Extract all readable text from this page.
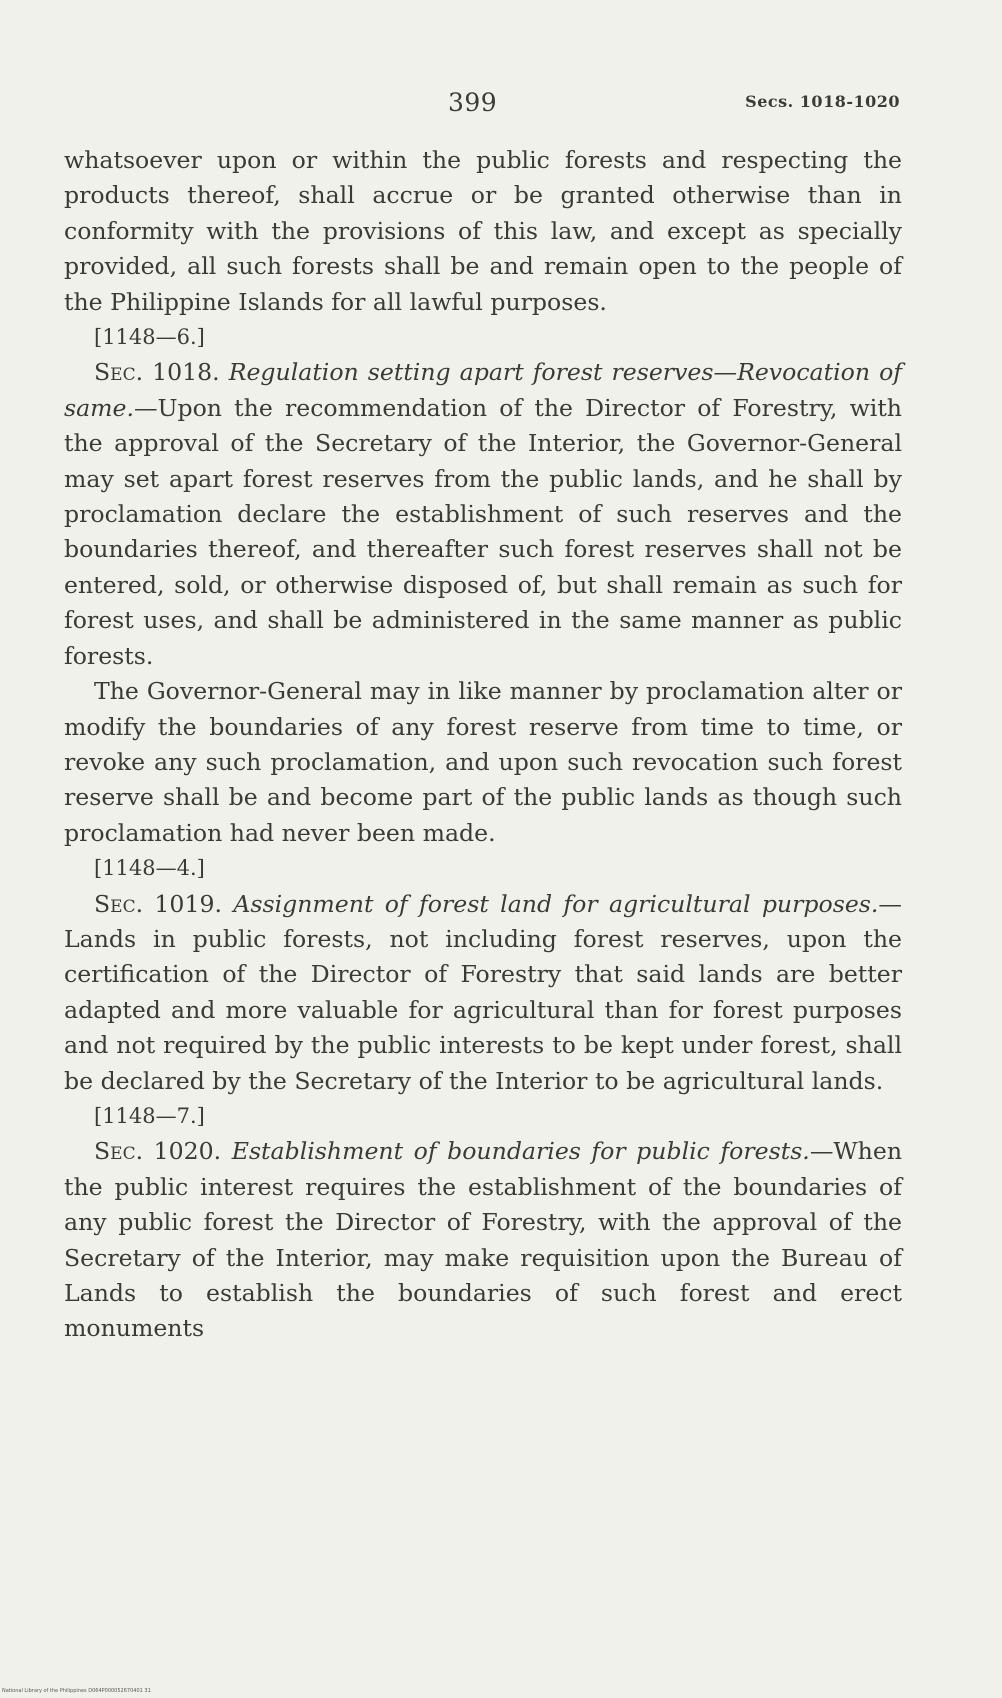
399	Secs. 1018-1020

whatsoever upon or within the public forests and respecting the products thereof, shall accrue or be granted otherwise than in conformity with the provisions of this law, and except as specially provided, all such forests shall be and remain open to the people of the Philippine Islands for all lawful purposes.

[1148—6.]

Sec. 1018. Regulation setting apart forest reserves—Revocation of same.—Upon the recommendation of the Director of Forestry, with the approval of the Secretary of the Interior, the Governor-General may set apart forest reserves from the public lands, and he shall by proclamation declare the establishment of such reserves and the boundaries thereof, and thereafter such forest reserves shall not be entered, sold, or otherwise disposed of, but shall remain as such for forest uses, and shall be administered in the same manner as public forests.

The Governor-General may in like manner by proclamation alter or modify the boundaries of any forest reserve from time to time, or revoke any such proclamation, and upon such revocation such forest reserve shall be and become part of the public lands as though such proclamation had never been made.

[1148—4.]

Sec. 1019. Assignment of forest land for agricultural purposes.—Lands in public forests, not including forest reserves, upon the certification of the Director of Forestry that said lands are better adapted and more valuable for agricultural than for forest purposes and not required by the public interests to be kept under forest, shall be declared by the Secretary of the Interior to be agricultural lands.

[1148—7.]

Sec. 1020. Establishment of boundaries for public forests.—When the public interest requires the establishment of the boundaries of any public forest the Director of Forestry, with the approval of the Secretary of the Interior, may make requisition upon the Bureau of Lands to establish the boundaries of such forest and erect monuments

National Library of the Philippines D064P000052670401 31
